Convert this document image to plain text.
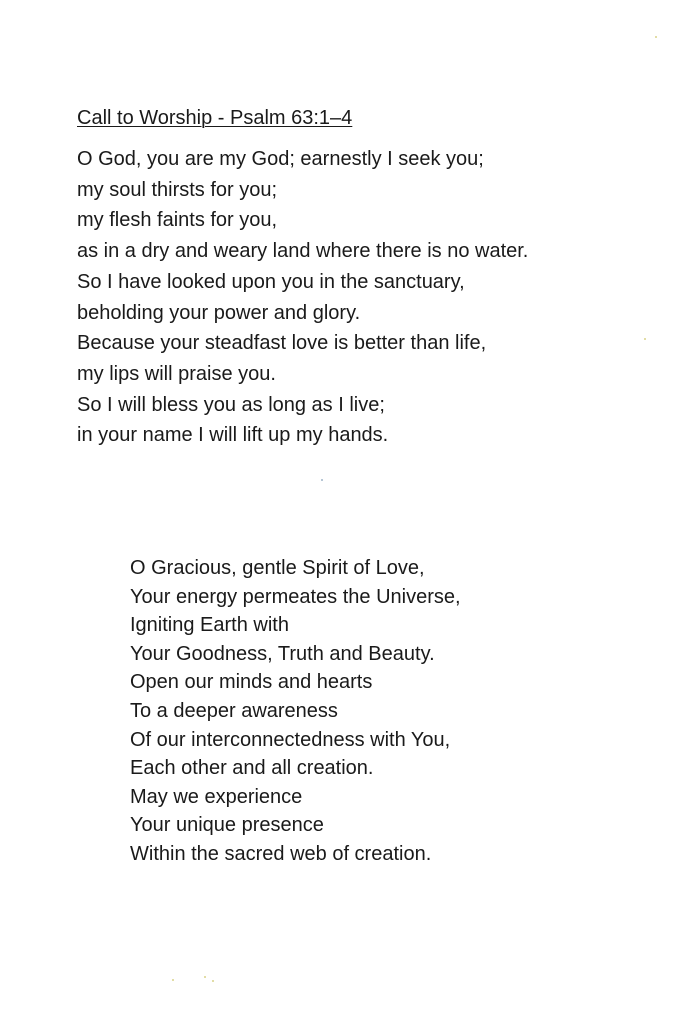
Call to Worship - Psalm 63:1–4
O God, you are my God; earnestly I seek you;
my soul thirsts for you;
my flesh faints for you,
as in a dry and weary land where there is no water.
So I have looked upon you in the sanctuary,
beholding your power and glory.
Because your steadfast love is better than life,
my lips will praise you.
So I will bless you as long as I live;
in your name I will lift up my hands.
O Gracious, gentle Spirit of Love,
Your energy permeates the Universe,
Igniting Earth with
Your Goodness, Truth and Beauty.
Open our minds and hearts
To a deeper awareness
Of our interconnectedness with You,
Each other and all creation.
May we experience
Your unique presence
Within the sacred web of creation.
